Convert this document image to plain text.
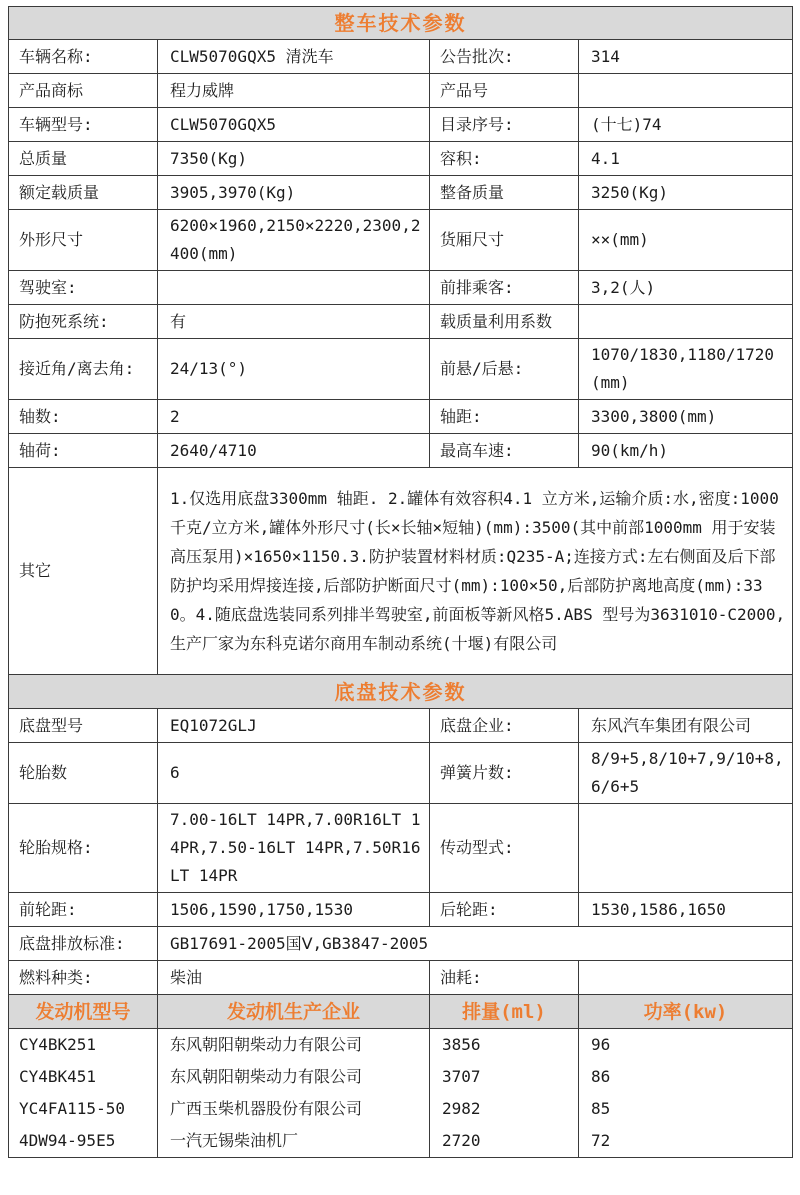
整车技术参数			
车辆名称:	CLW5070GQX5 清洗车	公告批次:	314
产品商标	程力威牌	产品号	
车辆型号:	CLW5070GQX5	目录序号:	(十七)74
总质量	7350(Kg)	容积:	4.1
额定载质量	3905,3970(Kg)	整备质量	3250(Kg)
外形尺寸	6200×1960,2150×2220,2300,2400(mm)	货厢尺寸	××(mm)
驾驶室:		前排乘客:	3,2(人)
防抱死系统:	有	载质量利用系数	
接近角/离去角:	24/13(°)	前悬/后悬:	1070/1830,1180/1720(mm)
轴数:	2	轴距:	3300,3800(mm)
轴荷:	2640/4710	最高车速:	90(km/h)
其它	1.仅选用底盘3300mm 轴距. 2.罐体有效容积4.1 立方米,运输介质:水,密度:1000 千克/立方米,罐体外形尺寸(长×长轴×短轴)(mm):3500(其中前部1000mm 用于安装高压泵用)×1650×1150.3.防护装置材料材质:Q235-A;连接方式:左右侧面及后下部防护均采用焊接连接,后部防护断面尺寸(mm):100×50,后部防护离地高度(mm):330。4.随底盘选装同系列排半驾驶室,前面板等新风格5.ABS 型号为3631010-C2000,生产厂家为东科克诺尔商用车制动系统(十堰)有限公司		
底盘技术参数			
底盘型号	EQ1072GLJ	底盘企业:	东风汽车集团有限公司
轮胎数	6	弹簧片数:	8/9+5,8/10+7,9/10+8,6/6+5
轮胎规格:	7.00-16LT 14PR,7.00R16LT 14PR,7.50-16LT 14PR,7.50R16LT 14PR	传动型式:	
前轮距:	1506,1590,1750,1530	后轮距:	1530,1586,1650
底盘排放标准:	GB17691-2005国Ⅴ,GB3847-2005		
燃料种类:	柴油	油耗:	
发动机型号	发动机生产企业	排量(ml)	功率(kw)
CY4BK251	东风朝阳朝柴动力有限公司	3856	96
CY4BK451	东风朝阳朝柴动力有限公司	3707	86
YC4FA115-50	广西玉柴机器股份有限公司	2982	85
4DW94-95E5	一汽无锡柴油机厂	2720	72
